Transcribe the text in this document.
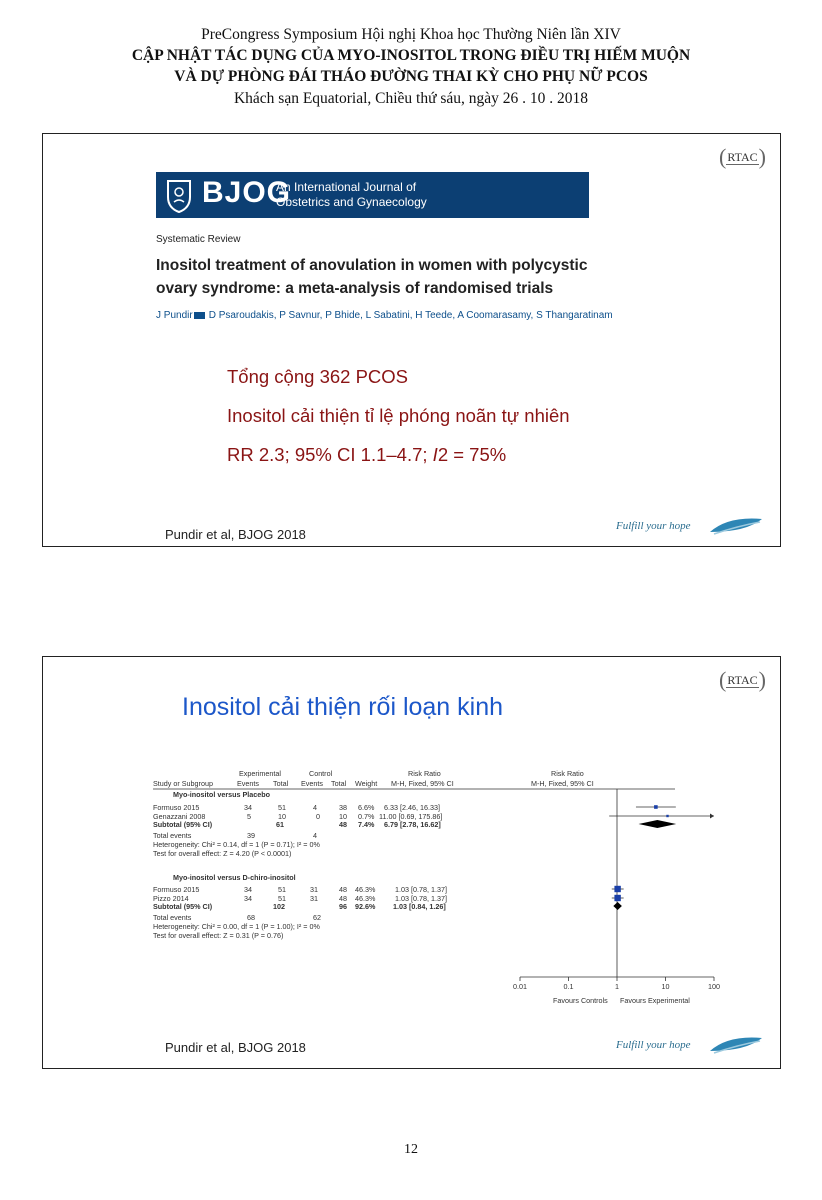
PreCongress Symposium Hội nghị Khoa học Thường Niên lần XIV
CẬP NHẬT TÁC DỤNG CỦA MYO-INOSITOL TRONG ĐIỀU TRỊ HIẾM MUỘN
VÀ DỰ PHÒNG ĐÁI THÁO ĐƯỜNG THAI KỲ CHO PHỤ NỮ PCOS
Khách sạn Equatorial, Chiều thứ sáu, ngày 26 . 10 . 2018
(RTAC)
BJOG
An International Journal of
Obstetrics and Gynaecology
Systematic Review
Inositol treatment of anovulation in women with polycystic
ovary syndrome: a meta-analysis of randomised trials
J Pundir D Psaroudakis, P Savnur, P Bhide, L Sabatini, H Teede, A Coomarasamy, S Thangaratinam
Tổng cộng 362 PCOS
Inositol cải thiện tỉ lệ phóng noãn tự nhiên
RR 2.3; 95% CI 1.1–4.7; I2 = 75%
Pundir et al, BJOG 2018
Fulfill your hope
(RTAC)
Inositol cải thiện rối loạn kinh
Experimental	Control	Risk Ratio	Risk Ratio
Study or Subgroup	Events Total Events Total Weight M-H, Fixed, 95% CI	M-H, Fixed, 95% CI
Myo-inositol versus Placebo
Formuso 2015	34	51	4	38 6.6% 6.33 [2.46, 16.33]
Genazzani 2008	5	10	0	10 0.7% 11.00 [0.69, 175.86]
Subtotal (95% CI)	61	48 7.4% 6.79 [2.78, 16.62]
Total events	39	4
Heterogeneity: Chi² = 0.14, df = 1 (P = 0.71); I² = 0%
Test for overall effect: Z = 4.20 (P < 0.0001)
Myo-inositol versus D-chiro-inositol
Formuso 2015	34	51	31	48 46.3%	1.03 [0.78, 1.37]
Pizzo 2014	34	51	31	48 46.3%	1.03 [0.78, 1.37]
Subtotal (95% CI)	102	96 92.6% 1.03 [0.84, 1.26]
Total events	68	62
Heterogeneity: Chi² = 0.00, df = 1 (P = 1.00); I² = 0%
Test for overall effect: Z = 0.31 (P = 0.76)
0.01	0.1	1	10	100
Favours Controls Favours Experimental
Pundir et al, BJOG 2018	Fulfill your hope
12
